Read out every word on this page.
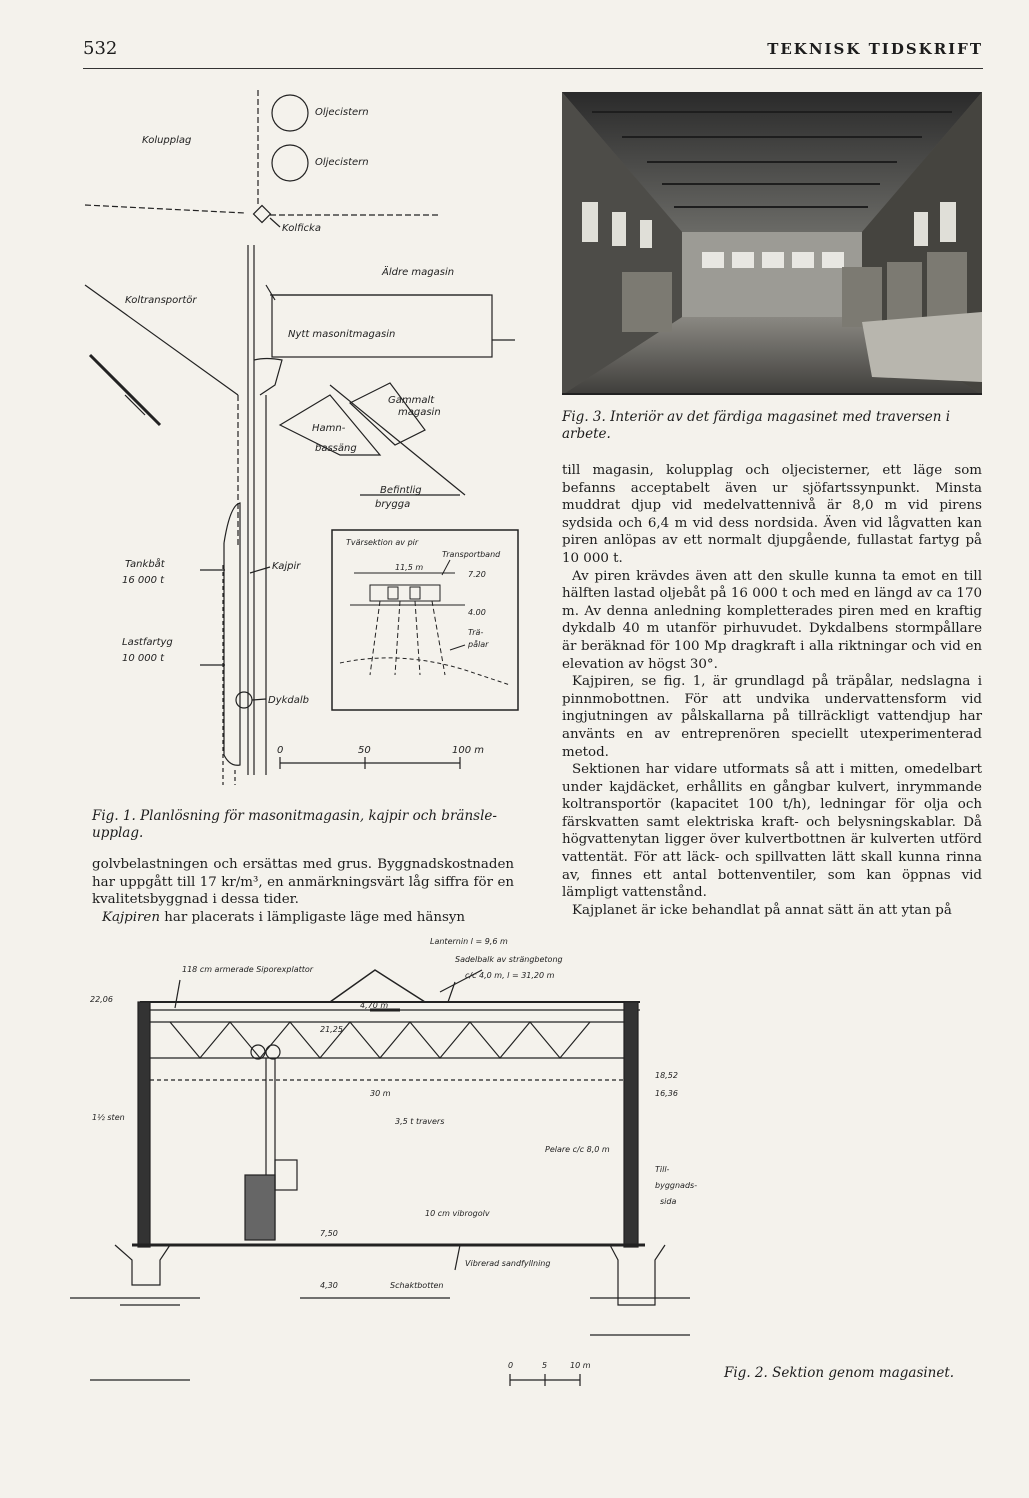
532	TEKNISK TIDSKRIFT
Oljecistern
Oljecistern
Kolupplag
Kolficka
Äldre magasin
Koltransportör
Nytt masonitmagasin
Gammalt
magasin
Hamn-
bassäng
Befintlig
brygga
Tankbåt
16 000 t
Kajpir
Lastfartyg
10 000 t
Dykdalb
0	50	100 m
Tvärsektion av pir
11,5 m
Transportband
7.20
4.00
Trä-
pålar
Fig. 1. Planlösning för masonitmagasin, kajpir och bränsle-upplag.

golvbelastningen och ersättas med grus. Byggnadskostnaden har uppgått till 17 kr/m³, en anmärkningsvärt låg siffra för en kvalitetsbyggnad i dessa tider.

Kajpiren har placerats i lämpligaste läge med hänsyn

Fig. 3. Interiör av det färdiga magasinet med traversen i arbete.

till magasin, kolupplag och oljecisterner, ett läge som befanns acceptabelt även ur sjöfartssynpunkt. Minsta muddrat djup vid medelvattennivå är 8,0 m vid pirens sydsida och 6,4 m vid dess nordsida. Även vid lågvatten kan piren anlöpas av ett normalt djupgående, fullastat fartyg på 10 000 t.

Av piren krävdes även att den skulle kunna ta emot en till hälften lastad oljebåt på 16 000 t och med en längd av ca 170 m. Av denna anledning kompletterades piren med en kraftig dykdalb 40 m utanför pirhuvudet. Dykdalbens stormpållare är beräknad för 100 Mp dragkraft i alla riktningar och vid en elevation av högst 30°.

Kajpiren, se fig. 1, är grundlagd på träpålar, nedslagna i pinnmobottnen. För att undvika undervattensform vid ingjutningen av pålskallarna på tillräckligt vattendjup har använts en av entreprenören speciellt utexperimenterad metod.

Sektionen har vidare utformats så att i mitten, omedelbart under kajdäcket, erhållits en gångbar kulvert, inrymmande koltransportör (kapacitet 100 t/h), ledningar för olja och färskvatten samt elektriska kraft- och belysningskablar. Då högvattenytan ligger över kulvertbottnen är kulverten utförd vattentät. För att läck- och spillvatten lätt skall kunna rinna av, finnes ett antal bottenventiler, som kan öppnas vid lämpligt vattenstånd.

Kajplanet är icke behandlat på annat sätt än att ytan på

Lanternin l = 9,6 m
Sadelbalk av strängbetong
c/c 4,0 m, l = 31,20 m
118 cm armerade Siporexplattor
22,06
4,70 m
21,25
18,52
16,36
30 m
1½ sten	3,5 t travers
Pelare c/c 8,0 m
Till-
byggnads-
sida
10 cm vibrogolv
7,50
Vibrerad sandfyllning
4,30	Schaktbotten
0	5	10 m	Fig. 2. Sektion genom magasinet.
